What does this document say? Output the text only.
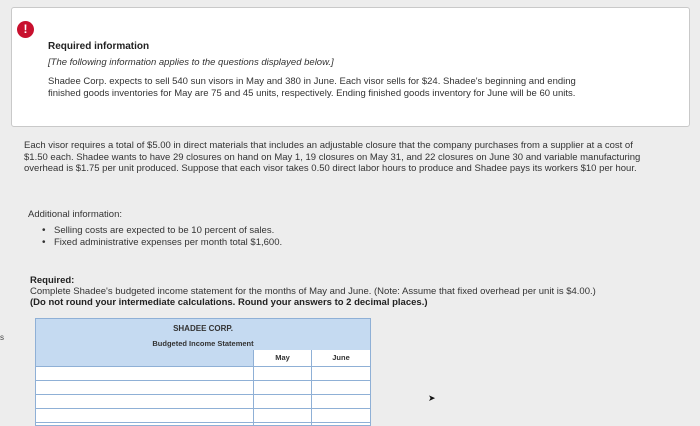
!
Required information
[The following information applies to the questions displayed below.]
Shadee Corp. expects to sell 540 sun visors in May and 380 in June. Each visor sells for $24. Shadee's beginning and ending finished goods inventories for May are 75 and 45 units, respectively. Ending finished goods inventory for June will be 60 units.
Each visor requires a total of $5.00 in direct materials that includes an adjustable closure that the company purchases from a supplier at a cost of $1.50 each. Shadee wants to have 29 closures on hand on May 1, 19 closures on May 31, and 22 closures on June 30 and variable manufacturing overhead is $1.75 per unit produced. Suppose that each visor takes 0.50 direct labor hours to produce and Shadee pays its workers $10 per hour.
Additional information:
• Selling costs are expected to be 10 percent of sales.
• Fixed administrative expenses per month total $1,600.
Required:
Complete Shadee's budgeted income statement for the months of May and June. (Note: Assume that fixed overhead per unit is $4.00.)
(Do not round your intermediate calculations. Round your answers to 2 decimal places.)
s
SHADEE CORP.
Budgeted Income Statement
May	June
➤
